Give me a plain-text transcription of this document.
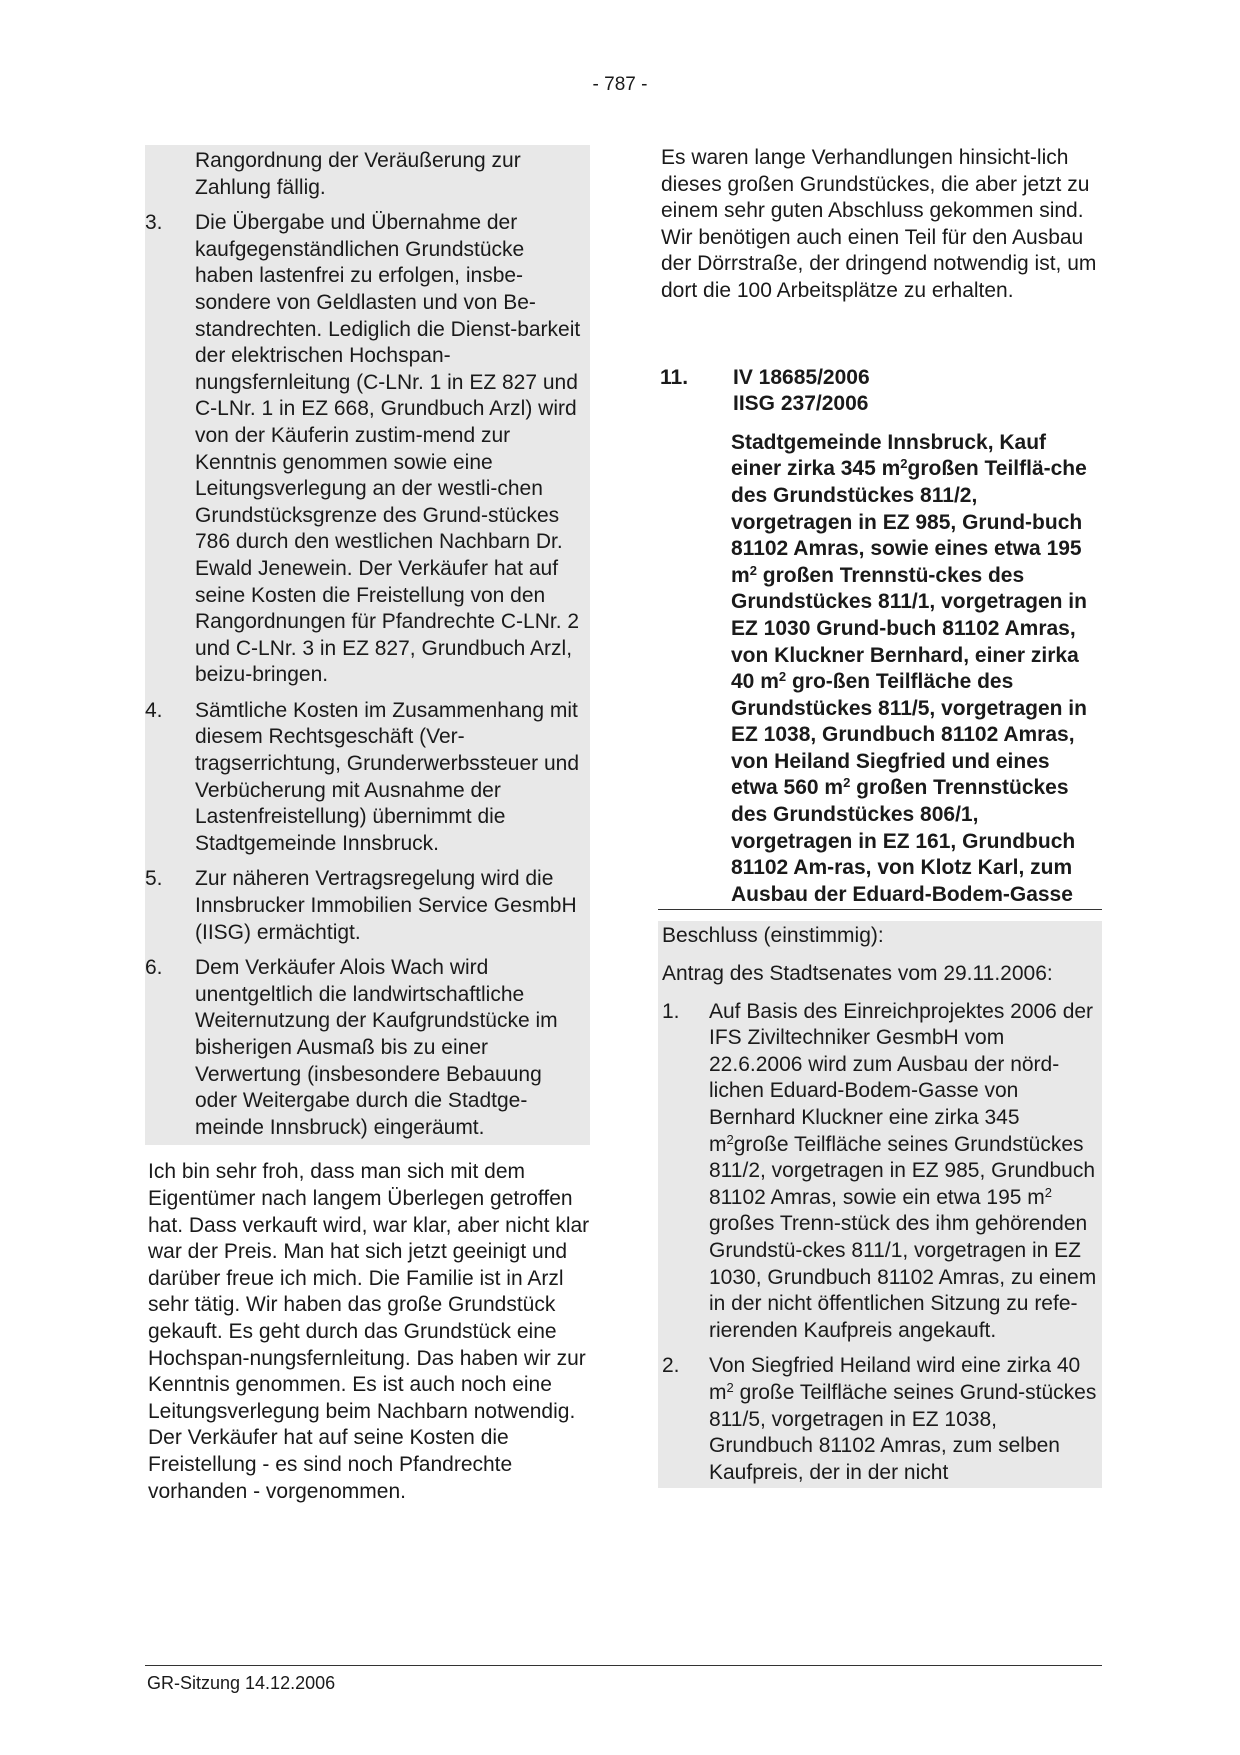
- 787 -
Rangordnung der Veräußerung zur Zahlung fällig.
3.	Die Übergabe und Übernahme der kaufgegenständlichen Grundstücke haben lastenfrei zu erfolgen, insbe-sondere von Geldlasten und von Be-standrechten. Lediglich die Dienst-barkeit der elektrischen Hochspan-nungsfernleitung (C-LNr. 1 in EZ 827 und C-LNr. 1 in EZ 668, Grundbuch Arzl) wird von der Käuferin zustim-mend zur Kenntnis genommen sowie eine Leitungsverlegung an der westli-chen Grundstücksgrenze des Grund-stückes 786 durch den westlichen Nachbarn Dr. Ewald Jenewein. Der Verkäufer hat auf seine Kosten die Freistellung von den Rangordnungen für Pfandrechte C-LNr. 2 und C-LNr. 3 in EZ 827, Grundbuch Arzl, beizu-bringen.
4.	Sämtliche Kosten im Zusammenhang mit diesem Rechtsgeschäft (Ver-tragserrichtung, Grunderwerbssteuer und Verbücherung mit Ausnahme der Lastenfreistellung) übernimmt die Stadtgemeinde Innsbruck.
5.	Zur näheren Vertragsregelung wird die Innsbrucker Immobilien Service GesmbH (IISG) ermächtigt.
6.	Dem Verkäufer Alois Wach wird unentgeltlich die landwirtschaftliche Weiternutzung der Kaufgrundstücke im bisherigen Ausmaß bis zu einer Verwertung (insbesondere Bebauung oder Weitergabe durch die Stadtge-meinde Innsbruck) eingeräumt.
Ich bin sehr froh, dass man sich mit dem Eigentümer nach langem Überlegen getroffen hat. Dass verkauft wird, war klar, aber nicht klar war der Preis. Man hat sich jetzt geeinigt und darüber freue ich mich. Die Familie ist in Arzl sehr tätig. Wir haben das große Grundstück gekauft. Es geht durch das Grundstück eine Hochspan-nungsfernleitung. Das haben wir zur Kenntnis genommen. Es ist auch noch eine Leitungsverlegung beim Nachbarn notwendig. Der Verkäufer hat auf seine Kosten die Freistellung - es sind noch Pfandrechte vorhanden - vorgenommen.
Es waren lange Verhandlungen hinsicht-lich dieses großen Grundstückes, die aber jetzt zu einem sehr guten Abschluss gekommen sind. Wir benötigen auch einen Teil für den Ausbau der Dörrstraße, der dringend notwendig ist, um dort die 100 Arbeitsplätze zu erhalten.
11.	IV 18685/2006
IISG 237/2006
Stadtgemeinde Innsbruck, Kauf einer zirka 345 $m^2großen$ Teilflä-che des Grundstückes 811/2, vorgetragen in EZ 985, Grund-buch 81102 Amras, sowie eines etwa 195 $m^2$ großen Trennstü-ckes des Grundstückes 811/1, vorgetragen in EZ 1030 Grund-buch 81102 Amras, von Kluckner Bernhard, einer zirka 40 $m^2$ gro-ßen Teilfläche des Grundstückes 811/5, vorgetragen in EZ 1038, Grundbuch 81102 Amras, von Heiland Siegfried und eines etwa 560 $m^2$ großen Trennstückes des Grundstückes 806/1, vorgetragen in EZ 161, Grundbuch 81102 Am-ras, von Klotz Karl, zum Ausbau der Eduard-Bodem-Gasse
Beschluss (einstimmig):
Antrag des Stadtsenates vom 29.11.2006:
1.	Auf Basis des Einreichprojektes 2006 der IFS Ziviltechniker GesmbH vom 22.6.2006 wird zum Ausbau der nörd-lichen Eduard-Bodem-Gasse von Bernhard Kluckner eine zirka 345 $m^2große$ Teilfläche seines Grundstückes 811/2, vorgetragen in EZ 985, Grundbuch 81102 Amras, sowie ein etwa 195 $m^2$ großes Trenn-stück des ihm gehörenden Grundstü-ckes 811/1, vorgetragen in EZ 1030, Grundbuch 81102 Amras, zu einem in der nicht öffentlichen Sitzung zu refe-rierenden Kaufpreis angekauft.
2.	Von Siegfried Heiland wird eine zirka 40 $m^2$ große Teilfläche seines Grund-stückes 811/5, vorgetragen in EZ 1038, Grundbuch 81102 Amras, zum selben Kaufpreis, der in der nicht
GR-Sitzung 14.12.2006
